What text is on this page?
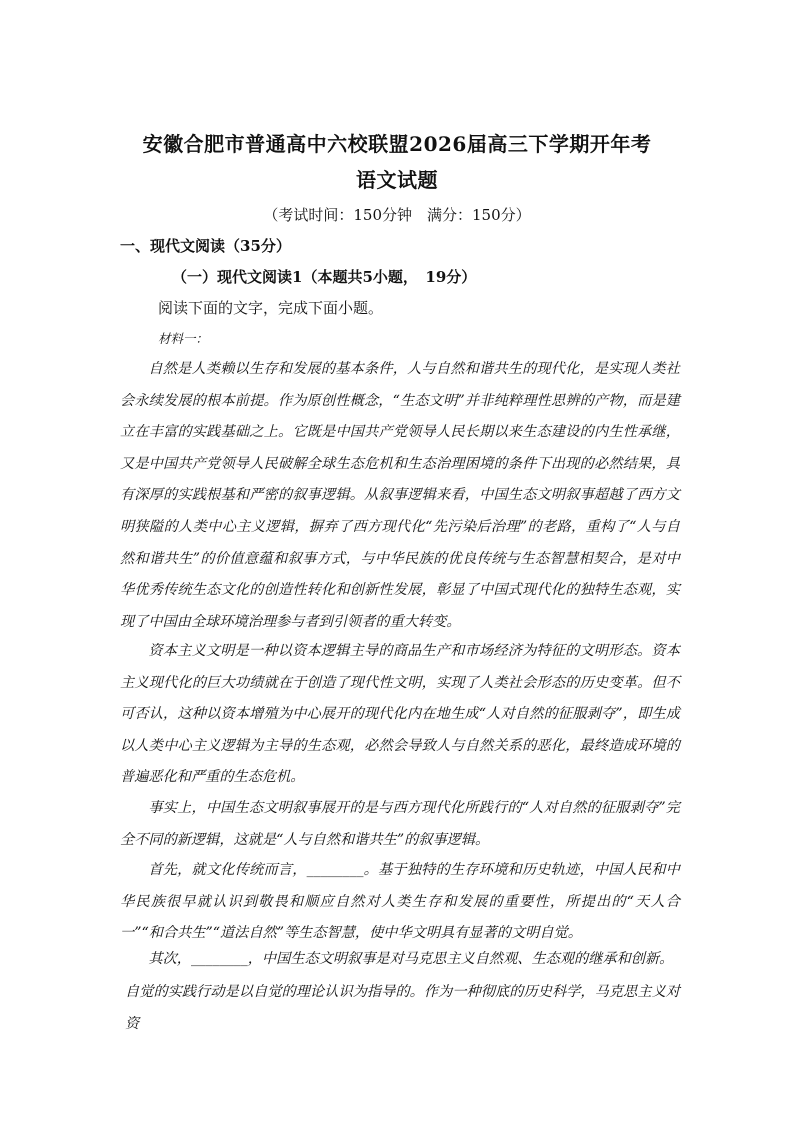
安徽合肥市普通高中六校联盟2026届高三下学期开年考
语文试题
（考试时间：150分钟　满分：150分）
一、现代文阅读（35分）
（一）现代文阅读1（本题共5小题，　19分）
阅读下面的文字，完成下面小题。
材料一：

自然是人类赖以生存和发展的基本条件，人与自然和谐共生的现代化，是实现人类社会永续发展的根本前提。作为原创性概念，“生态文明”并非纯粹理性思辨的产物，而是建立在丰富的实践基础之上。它既是中国共产党领导人民长期以来生态建设的内生性承继，又是中国共产党领导人民破解全球生态危机和生态治理困境的条件下出现的必然结果，具有深厚的实践根基和严密的叙事逻辑。从叙事逻辑来看，中国生态文明叙事超越了西方文明狭隘的人类中心主义逻辑，摒弃了西方现代化“先污染后治理”的老路，重构了“人与自然和谐共生”的价值意蕴和叙事方式，与中华民族的优良传统与生态智慧相契合，是对中华优秀传统生态文化的创造性转化和创新性发展，彰显了中国式现代化的独特生态观，实现了中国由全球环境治理参与者到引领者的重大转变。

资本主义文明是一种以资本逻辑主导的商品生产和市场经济为特征的文明形态。资本主义现代化的巨大功绩就在于创造了现代性文明，实现了人类社会形态的历史变革。但不可否认，这种以资本增殖为中心展开的现代化内在地生成“人对自然的征服剥夺”，即生成以人类中心主义逻辑为主导的生态观，必然会导致人与自然关系的恶化，最终造成环境的普遍恶化和严重的生态危机。

事实上，中国生态文明叙事展开的是与西方现代化所践行的“人对自然的征服剥夺”完全不同的新逻辑，这就是“人与自然和谐共生”的叙事逻辑。

首先，就文化传统而言，________。基于独特的生存环境和历史轨迹，中国人民和中华民族很早就认识到敬畏和顺应自然对人类生存和发展的重要性，所提出的“天人合一”“和合共生”“道法自然”等生态智慧，使中华文明具有显著的文明自觉。

其次，________，中国生态文明叙事是对马克思主义自然观、生态观的继承和创新。

自觉的实践行动是以自觉的理论认识为指导的。作为一种彻底的历史科学，马克思主义对资
